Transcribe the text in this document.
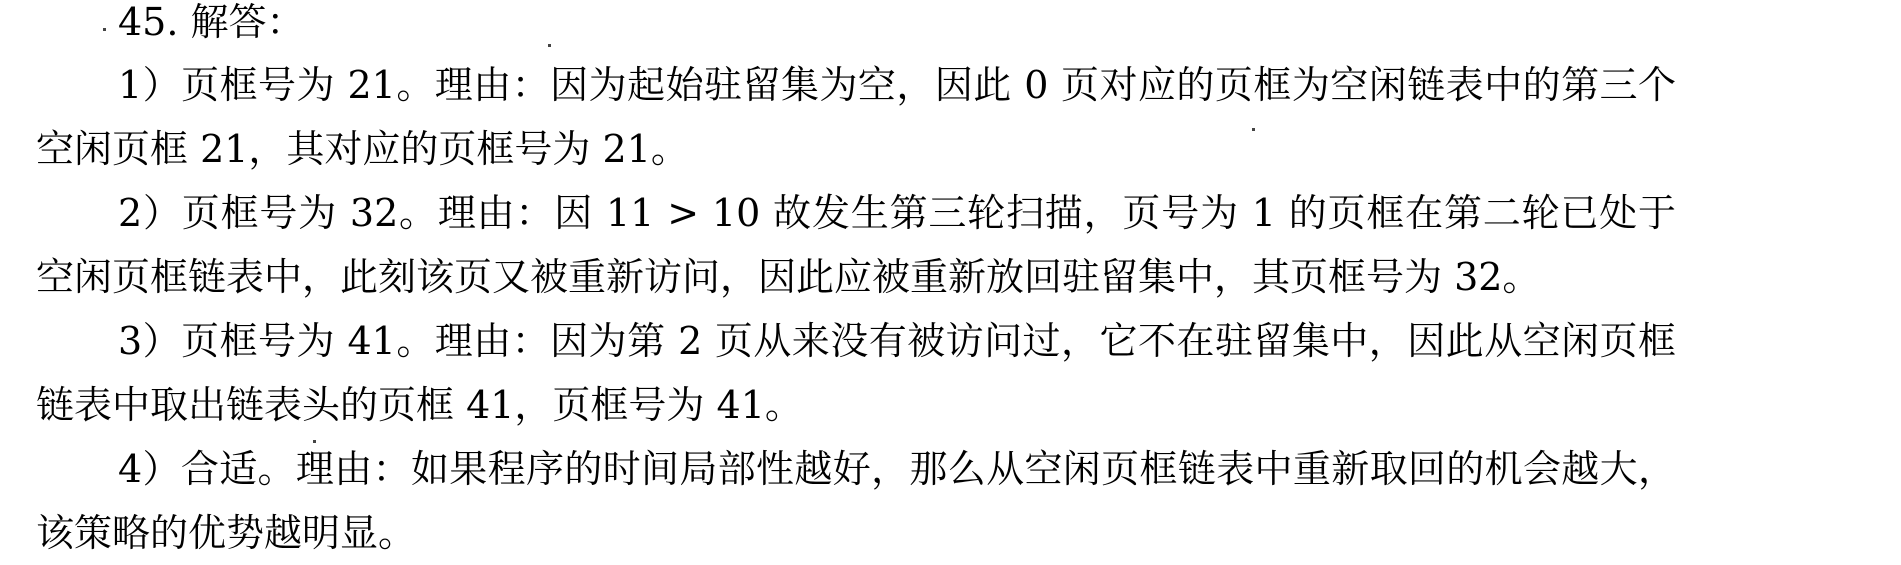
45. 解答：
1）页框号为 21。理由：因为起始驻留集为空，因此 0 页对应的页框为空闲链表中的第三个空闲页框 21，其对应的页框号为 21。
2）页框号为 32。理由：因 11 > 10 故发生第三轮扫描，页号为 1 的页框在第二轮已处于空闲页框链表中，此刻该页又被重新访问，因此应被重新放回驻留集中，其页框号为 32。
3）页框号为 41。理由：因为第 2 页从来没有被访问过，它不在驻留集中，因此从空闲页框链表中取出链表头的页框 41，页框号为 41。
4）合适。理由：如果程序的时间局部性越好，那么从空闲页框链表中重新取回的机会越大，该策略的优势越明显。
